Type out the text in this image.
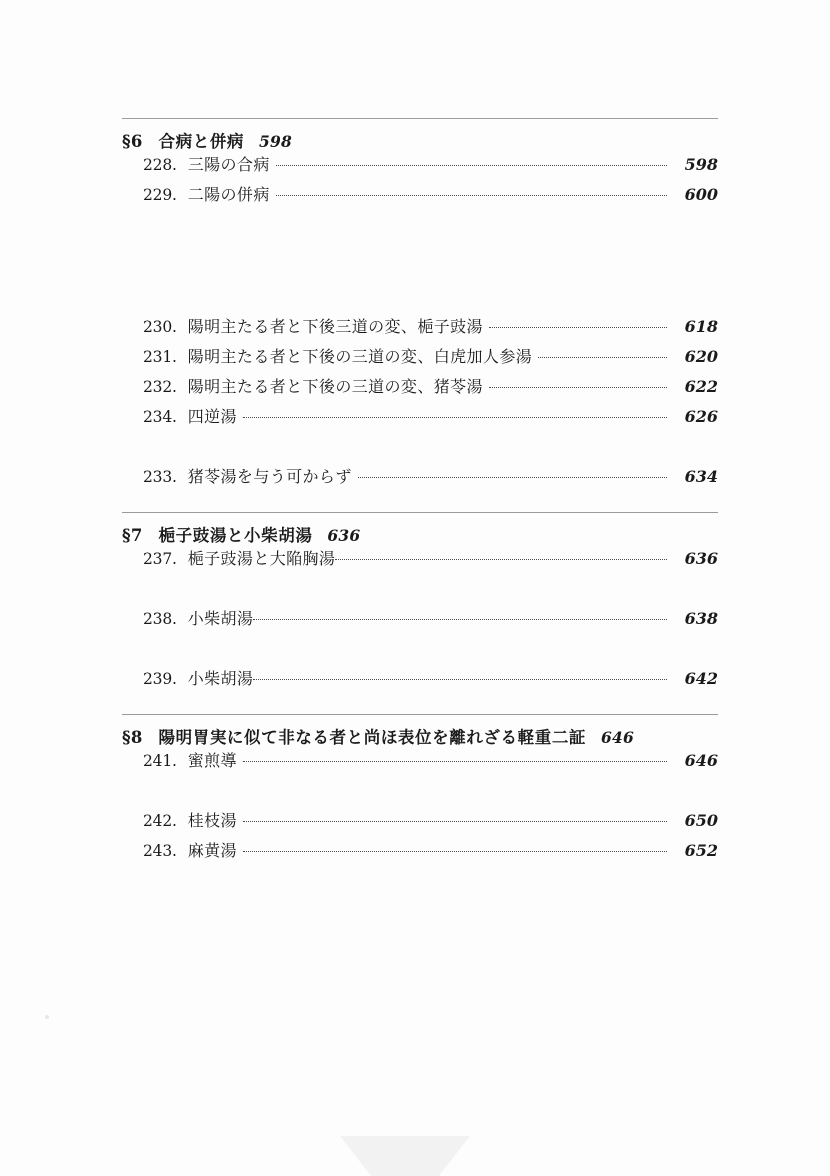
§6 合病と併病 598
228 . 三陽の合病	598
229 . 二陽の併病	600
230 . 陽明主たる者と下後三道の変、梔子豉湯	618
231 . 陽明主たる者と下後の三道の変、白虎加人参湯	620
232 . 陽明主たる者と下後の三道の変、猪苓湯	622
234 . 四逆湯	626
233 . 猪苓湯を与う可からず	634
§7 梔子豉湯と小柴胡湯 636
237 . 梔子豉湯と大陥胸湯	636
238 . 小柴胡湯	638
239 . 小柴胡湯	642
§8 陽明胃実に似て非なる者と尚ほ表位を離れざる軽重二証 646
241 . 蜜煎導	646
242 . 桂枝湯	650
243 . 麻黄湯	652
